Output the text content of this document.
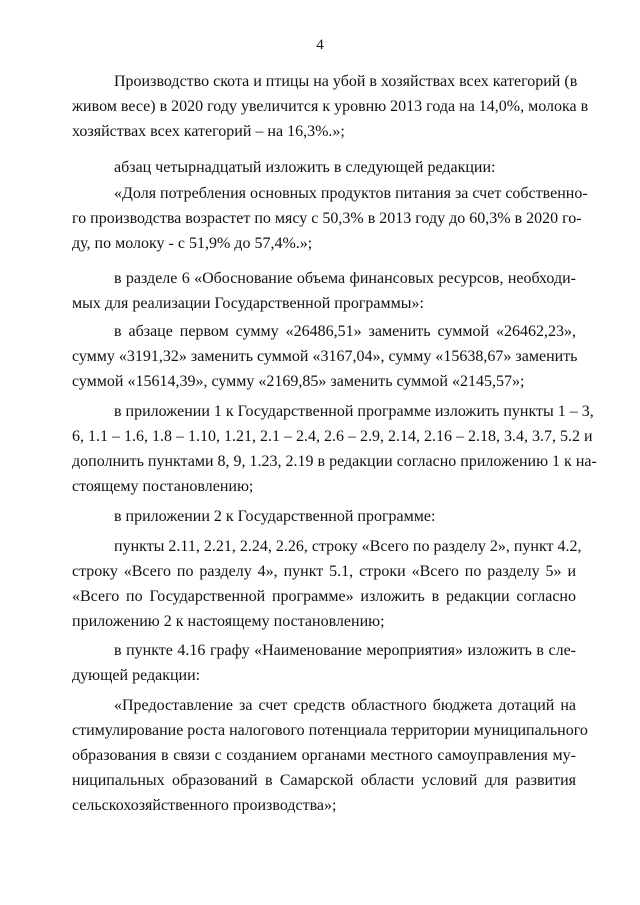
4
Производство скота и птицы на убой в хозяйствах всех категорий (в
живом весе) в 2020 году увеличится к уровню 2013 года на 14,0%, молока в
хозяйствах всех категорий – на 16,3%.»;
абзац четырнадцатый изложить в следующей редакции:
«Доля потребления основных продуктов питания за счет собственно-
го производства возрастет по мясу с 50,3% в 2013 году до 60,3% в 2020 го-
ду, по молоку - с 51,9% до 57,4%.»;
в разделе 6 «Обоснование объема финансовых ресурсов, необходи-
мых для реализации Государственной программы»:
в абзаце первом сумму «26486,51» заменить суммой «26462,23»,
сумму «3191,32» заменить суммой «3167,04», сумму «15638,67» заменить
суммой «15614,39», сумму «2169,85» заменить суммой «2145,57»;
в приложении 1 к Государственной программе изложить пункты 1 – 3,
6, 1.1 – 1.6, 1.8 – 1.10, 1.21, 2.1 – 2.4, 2.6 – 2.9, 2.14, 2.16 – 2.18, 3.4, 3.7, 5.2 и
дополнить пунктами 8, 9, 1.23, 2.19 в редакции согласно приложению 1 к на-
стоящему постановлению;
в приложении 2 к Государственной программе:
пункты 2.11, 2.21, 2.24, 2.26, строку «Всего по разделу 2», пункт 4.2,
строку «Всего по разделу 4», пункт 5.1, строки «Всего по разделу 5» и
«Всего по Государственной программе» изложить в редакции согласно
приложению 2 к настоящему постановлению;
в пункте 4.16 графу «Наименование мероприятия» изложить в сле-
дующей редакции:
«Предоставление за счет средств областного бюджета дотаций на
стимулирование роста налогового потенциала территории муниципального
образования в связи с созданием органами местного самоуправления му-
ниципальных образований в Самарской области условий для развития
сельскохозяйственного производства»;
